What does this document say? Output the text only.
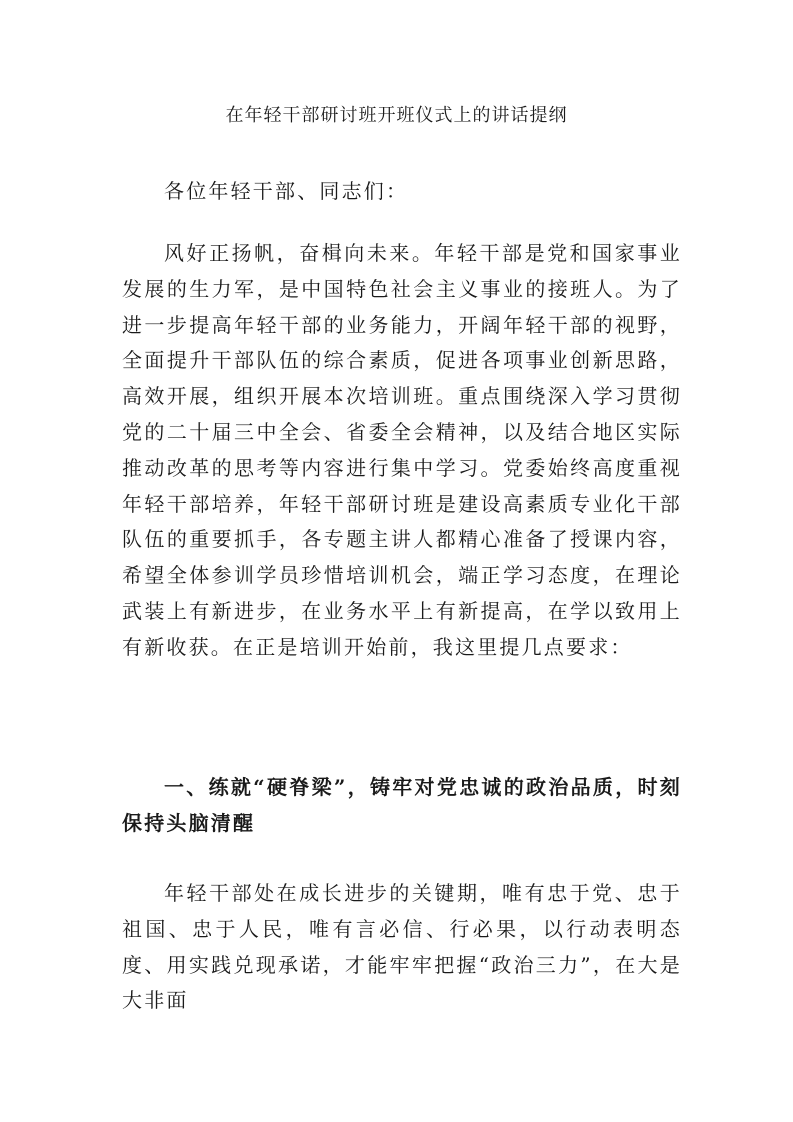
在年轻干部研讨班开班仪式上的讲话提纲

各位年轻干部、同志们：

风好正扬帆，奋楫向未来。年轻干部是党和国家事业发展的生力军，是中国特色社会主义事业的接班人。为了进一步提高年轻干部的业务能力，开阔年轻干部的视野，全面提升干部队伍的综合素质，促进各项事业创新思路，高效开展，组织开展本次培训班。重点围绕深入学习贯彻党的二十届三中全会、省委全会精神，以及结合地区实际推动改革的思考等内容进行集中学习。党委始终高度重视年轻干部培养，年轻干部研讨班是建设高素质专业化干部队伍的重要抓手，各专题主讲人都精心准备了授课内容，希望全体参训学员珍惜培训机会，端正学习态度，在理论武装上有新进步，在业务水平上有新提高，在学以致用上有新收获。在正是培训开始前，我这里提几点要求：

一、练就“硬脊梁”，铸牢对党忠诚的政治品质，时刻保持头脑清醒

年轻干部处在成长进步的关键期，唯有忠于党、忠于祖国、忠于人民，唯有言必信、行必果，以行动表明态度、用实践兑现承诺，才能牢牢把握“政治三力”，在大是大非面
